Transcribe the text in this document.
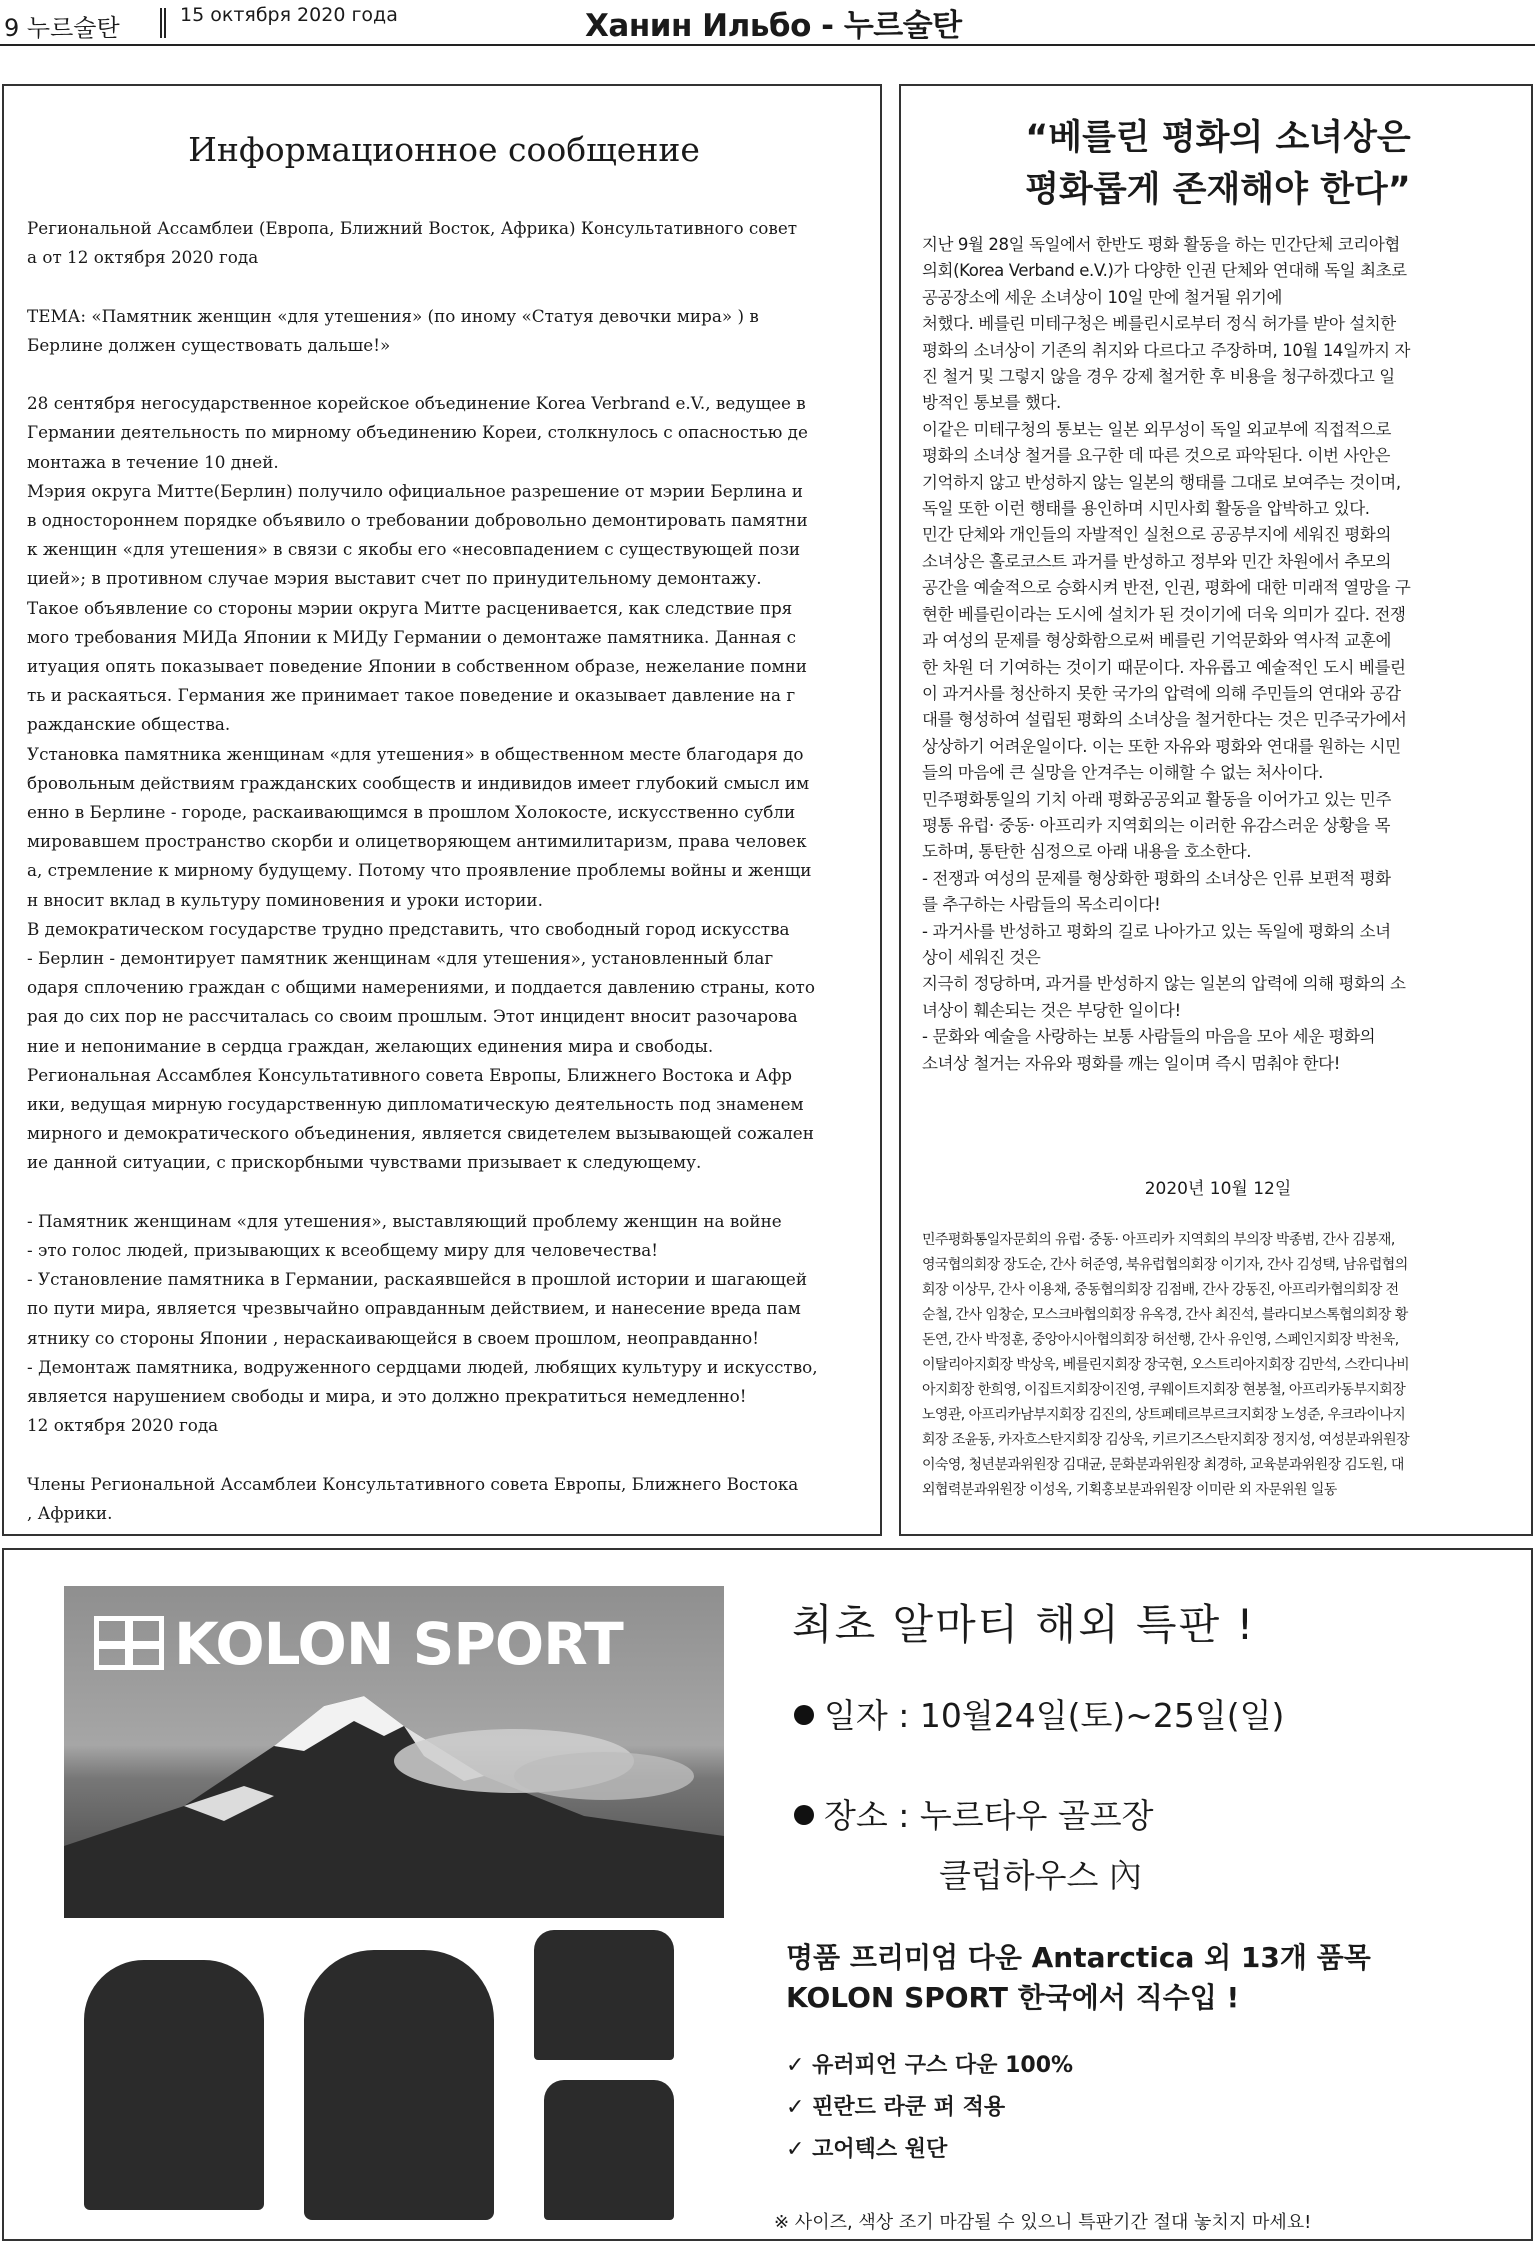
9 누르술탄	15 октября 2020 года	Ханин Ильбо - 누르술탄
Информационное сообщение

Региональной Ассамблеи (Европа, Ближний Восток, Африка) Консультативного совет

а от 12 октября 2020 года

ТЕМА: «Памятник женщин «для утешения» (по иному «Статуя девочки мира» ) в

Берлине должен существовать дальше!»

28 сентября негосударственное корейское объединение Korea Verbrand e.V., ведущее в

Германии деятельность по мирному объединению Кореи, столкнулось с опасностью де

монтажа в течение 10 дней.

Мэрия округа Митте(Берлин) получило официальное разрешение от мэрии Берлина и

в одностороннем порядке объявило о требовании добровольно демонтировать памятни

к женщин «для утешения» в связи с якобы его «несовпадением с существующей пози

цией»; в противном случае мэрия выставит счет по принудительному демонтажу.

Такое объявление со стороны мэрии округа Митте расценивается, как следствие пря

мого требования МИДа Японии к МИДу Германии о демонтаже памятника. Данная с

итуация опять показывает поведение Японии в собственном образе, нежелание помни

ть и раскаяться. Германия же принимает такое поведение и оказывает давление на г

ражданские общества.

Установка памятника женщинам «для утешения» в общественном месте благодаря до

бровольным действиям гражданских сообществ и индивидов имеет глубокий смысл им

енно в Берлине - городе, раскаивающимся в прошлом Холокосте, искусственно субли

мировавшем пространство скорби и олицетворяющем антимилитаризм, права человек

а, стремление к мирному будущему. Потому что проявление проблемы войны и женщи

н вносит вклад в культуру поминовения и уроки истории.

В демократическом государстве трудно представить, что свободный город искусства

- Берлин - демонтирует памятник женщинам «для утешения», установленный благ

одаря сплочению граждан с общими намерениями, и поддается давлению страны, кото

рая до сих пор не рассчиталась со своим прошлым. Этот инцидент вносит разочарова

ние и непонимание в сердца граждан, желающих единения мира и свободы.

Региональная Ассамблея Консультативного совета Европы, Ближнего Востока и Афр

ики, ведущая мирную государственную дипломатическую деятельность под знаменем

мирного и демократического объединения, является свидетелем вызывающей сожален

ие данной ситуации, с прискорбными чувствами призывает к следующему.

- Памятник женщинам «для утешения», выставляющий проблему женщин на войне

- это голос людей, призывающих к всеобщему миру для человечества!

- Установление памятника в Германии, раскаявшейся в прошлой истории и шагающей

по пути мира, является чрезвычайно оправданным действием, и нанесение вреда пам

ятнику со стороны Японии , нераскаивающейся в своем прошлом, неоправданно!

- Демонтаж памятника, водруженного сердцами людей, любящих культуру и искусство,

является нарушением свободы и мира, и это должно прекратиться немедленно!

12 октября 2020 года

Члены Региональной Ассамблеи Консультативного совета Европы, Ближнего Востока

, Африки.

“베를린 평화의 소녀상은
평화롭게 존재해야 한다”

지난 9월 28일 독일에서 한반도 평화 활동을 하는 민간단체 코리아협

의회(Korea Verband e.V.)가 다양한 인권 단체와 연대해 독일 최초로

공공장소에 세운 소녀상이 10일 만에 철거될 위기에

처했다. 베를린 미테구청은 베를린시로부터 정식 허가를 받아 설치한

평화의 소녀상이 기존의 취지와 다르다고 주장하며, 10월 14일까지 자

진 철거 및 그렇지 않을 경우 강제 철거한 후 비용을 청구하겠다고 일

방적인 통보를 했다.

이같은 미테구청의 통보는 일본 외무성이 독일 외교부에 직접적으로

평화의 소녀상 철거를 요구한 데 따른 것으로 파악된다. 이번 사안은

기억하지 않고 반성하지 않는 일본의 행태를 그대로 보여주는 것이며,

독일 또한 이런 행태를 용인하며 시민사회 활동을 압박하고 있다.

민간 단체와 개인들의 자발적인 실천으로 공공부지에 세워진 평화의

소녀상은 홀로코스트 과거를 반성하고 정부와 민간 차원에서 추모의

공간을 예술적으로 승화시켜 반전, 인권, 평화에 대한 미래적 열망을 구

현한 베를린이라는 도시에 설치가 된 것이기에 더욱 의미가 깊다. 전쟁

과 여성의 문제를 형상화함으로써 베를린 기억문화와 역사적 교훈에

한 차원 더 기여하는 것이기 때문이다. 자유롭고 예술적인 도시 베를린

이 과거사를 청산하지 못한 국가의 압력에 의해 주민들의 연대와 공감

대를 형성하여 설립된 평화의 소녀상을 철거한다는 것은 민주국가에서

상상하기 어려운일이다. 이는 또한 자유와 평화와 연대를 원하는 시민

들의 마음에 큰 실망을 안겨주는 이해할 수 없는 처사이다.

민주평화통일의 기치 아래 평화공공외교 활동을 이어가고 있는 민주

평통 유럽· 중동· 아프리카 지역회의는 이러한 유감스러운 상황을 목

도하며, 통탄한 심정으로 아래 내용을 호소한다.

- 전쟁과 여성의 문제를 형상화한 평화의 소녀상은 인류 보편적 평화

를 추구하는 사람들의 목소리이다!

- 과거사를 반성하고 평화의 길로 나아가고 있는 독일에 평화의 소녀

상이 세워진 것은

지극히 정당하며, 과거를 반성하지 않는 일본의 압력에 의해 평화의 소

녀상이 훼손되는 것은 부당한 일이다!

- 문화와 예술을 사랑하는 보통 사람들의 마음을 모아 세운 평화의

소녀상 철거는 자유와 평화를 깨는 일이며 즉시 멈춰야 한다!

2020년 10월 12일

민주평화통일자문회의 유럽· 중동· 아프리카 지역회의 부의장 박종범, 간사 김봉재,

영국협의회장 장도순, 간사 허준영, 북유럽협의회장 이기자, 간사 김성택, 남유럽협의

회장 이상무, 간사 이용채, 중동협의회장 김점배, 간사 강동진, 아프리카협의회장 전

순철, 간사 임창순, 모스크바협의회장 유옥경, 간사 최진석, 블라디보스톡협의회장 황

돈연, 간사 박정훈, 중앙아시아협의회장 허선행, 간사 유인영, 스페인지회장 박천욱,

이탈리아지회장 박상욱, 베를린지회장 장국현, 오스트리아지회장 김만석, 스칸디나비

아지회장 한희영, 이집트지회장이진영, 쿠웨이트지회장 현봉철, 아프리카동부지회장

노영관, 아프리카남부지회장 김진의, 상트페테르부르크지회장 노성준, 우크라이나지

회장 조윤동, 카자흐스탄지회장 김상욱, 키르기즈스탄지회장 정지성, 여성분과위원장

이숙영, 청년분과위원장 김대균, 문화분과위원장 최경하, 교육분과위원장 김도원, 대

외협력분과위원장 이성옥, 기획홍보분과위원장 이미란 외 자문위원 일동

KOLON SPORT	최초 알마티 해외 특판 !
일자 : 10월24일(토)~25일(일)
장소 : 누르타우 골프장
클럽하우스 內
명품 프리미엄 다운 Antarctica 외 13개 품목
KOLON SPORT 한국에서 직수입 !
✓ 유러피언 구스 다운 100%
✓ 핀란드 라쿤 퍼 적용
✓ 고어텍스 원단
※ 사이즈, 색상 조기 마감될 수 있으니 특판기간 절대 놓치지 마세요!
